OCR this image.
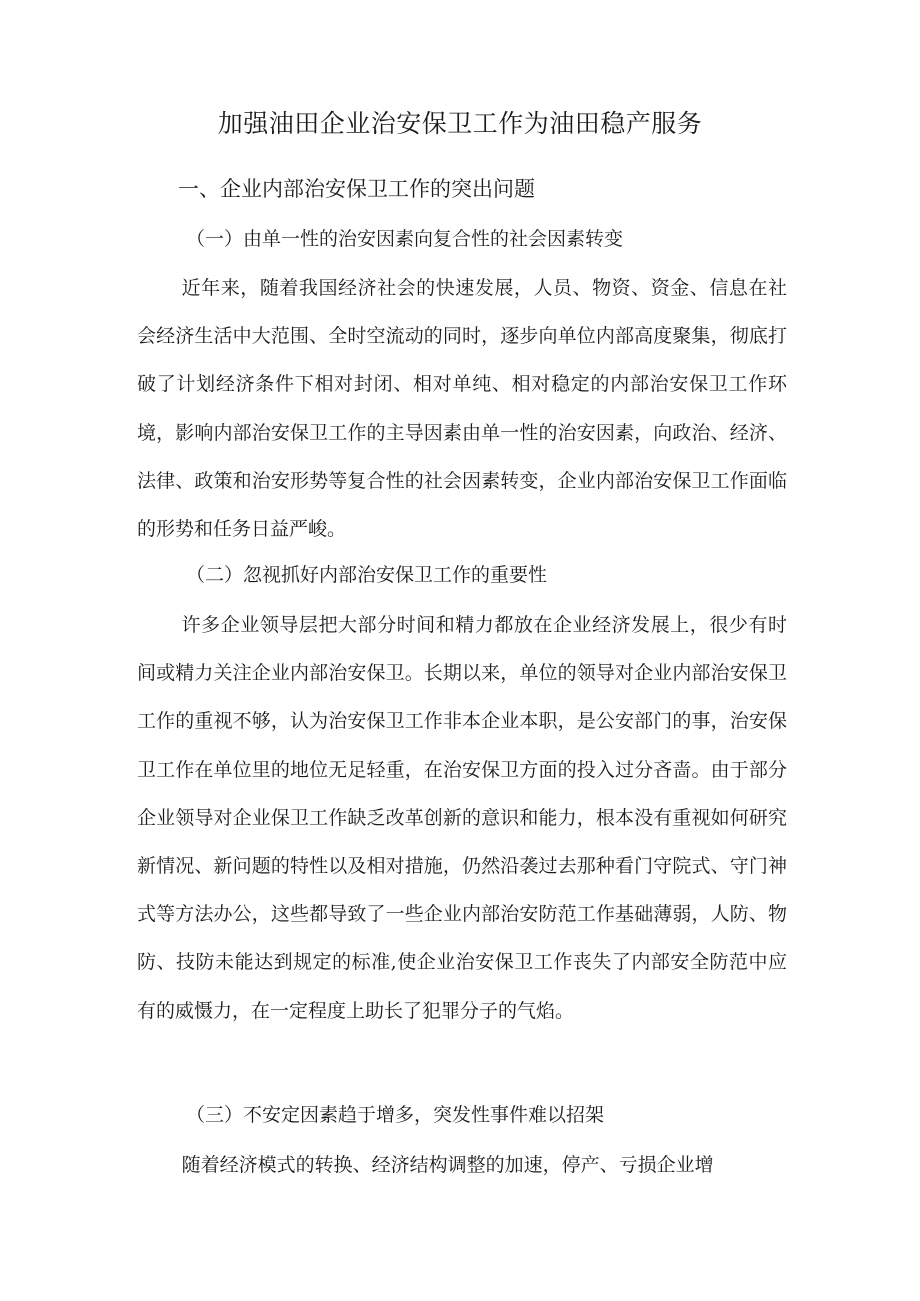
加强油田企业治安保卫工作为油田稳产服务
一、企业内部治安保卫工作的突出问题
（一）由单一性的治安因素向复合性的社会因素转变

近年来，随着我国经济社会的快速发展，人员、物资、资金、信息在社会经济生活中大范围、全时空流动的同时，逐步向单位内部高度聚集，彻底打破了计划经济条件下相对封闭、相对单纯、相对稳定的内部治安保卫工作环境，影响内部治安保卫工作的主导因素由单一性的治安因素，向政治、经济、法律、政策和治安形势等复合性的社会因素转变，企业内部治安保卫工作面临的形势和任务日益严峻。

（二）忽视抓好内部治安保卫工作的重要性

许多企业领导层把大部分时间和精力都放在企业经济发展上，很少有时间或精力关注企业内部治安保卫。长期以来，单位的领导对企业内部治安保卫工作的重视不够，认为治安保卫工作非本企业本职，是公安部门的事，治安保卫工作在单位里的地位无足轻重，在治安保卫方面的投入过分吝啬。由于部分企业领导对企业保卫工作缺乏改革创新的意识和能力，根本没有重视如何研究新情况、新问题的特性以及相对措施，仍然沿袭过去那种看门守院式、守门神式等方法办公，这些都导致了一些企业内部治安防范工作基础薄弱，人防、物防、技防未能达到规定的标准,使企业治安保卫工作丧失了内部安全防范中应有的威慑力，在一定程度上助长了犯罪分子的气焰。

（三）不安定因素趋于增多，突发性事件难以招架

随着经济模式的转换、经济结构调整的加速，停产、亏损企业增
